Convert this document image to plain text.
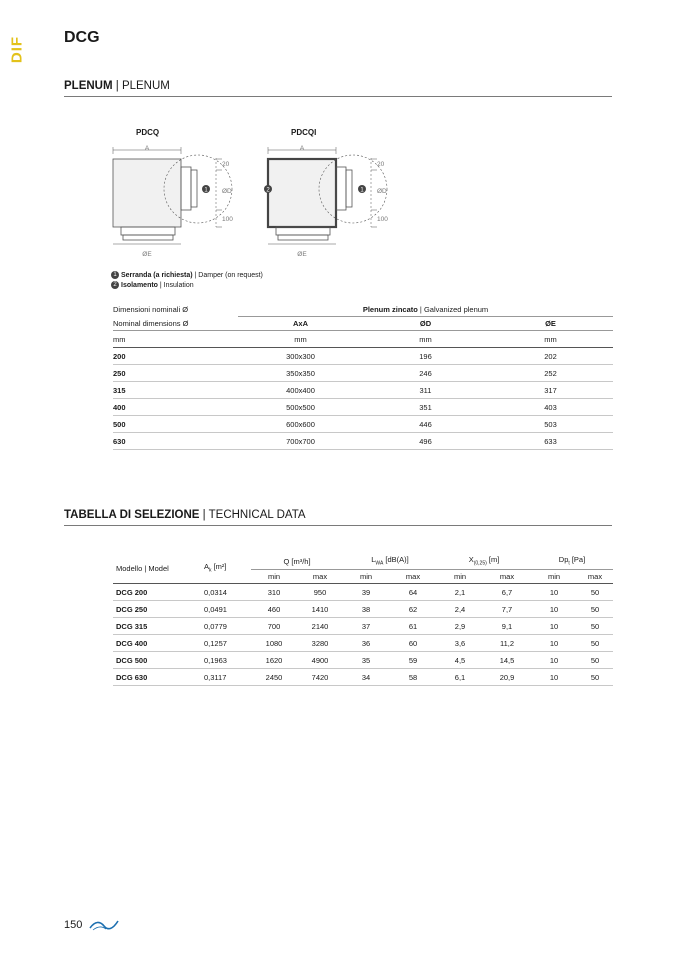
DIF DCG
PLENUM | PLENUM
PDCQ	PDCQI
1
A
20
ØD
100
ØE
2	1
A
20
ØD
100
ØE
1 Serranda (a richiesta) | Damper (on request)
2 Isolamento | Insulation
Dimensioni nominali Ø	Plenum zincato | Galvanized plenum		
Nominal dimensions Ø	AxA	ØD	ØE
mm	mm	mm	mm
200	300x300	196	202
250	350x350	246	252
315	400x400	311	317
400	500x500	351	403
500	600x600	446	503
630	700x700	496	633
TABELLA DI SELEZIONE | TECHNICAL DATA
Modello | Model	$A_k$ [m²]	Q [m³/h]		$L_{WA}$ [dB(A)]		$X_{(0,25)}$ [m]		$Dp_t$ [Pa]	
		min	max	min	max	min	max	min	max
DCG 200	0,0314	310	950	39	64	2,1	6,7	10	50
DCG 250	0,0491	460	1410	38	62	2,4	7,7	10	50
DCG 315	0,0779	700	2140	37	61	2,9	9,1	10	50
DCG 400	0,1257	1080	3280	36	60	3,6	11,2	10	50
DCG 500	0,1963	1620	4900	35	59	4,5	14,5	10	50
DCG 630	0,3117	2450	7420	34	58	6,1	20,9	10	50
150
